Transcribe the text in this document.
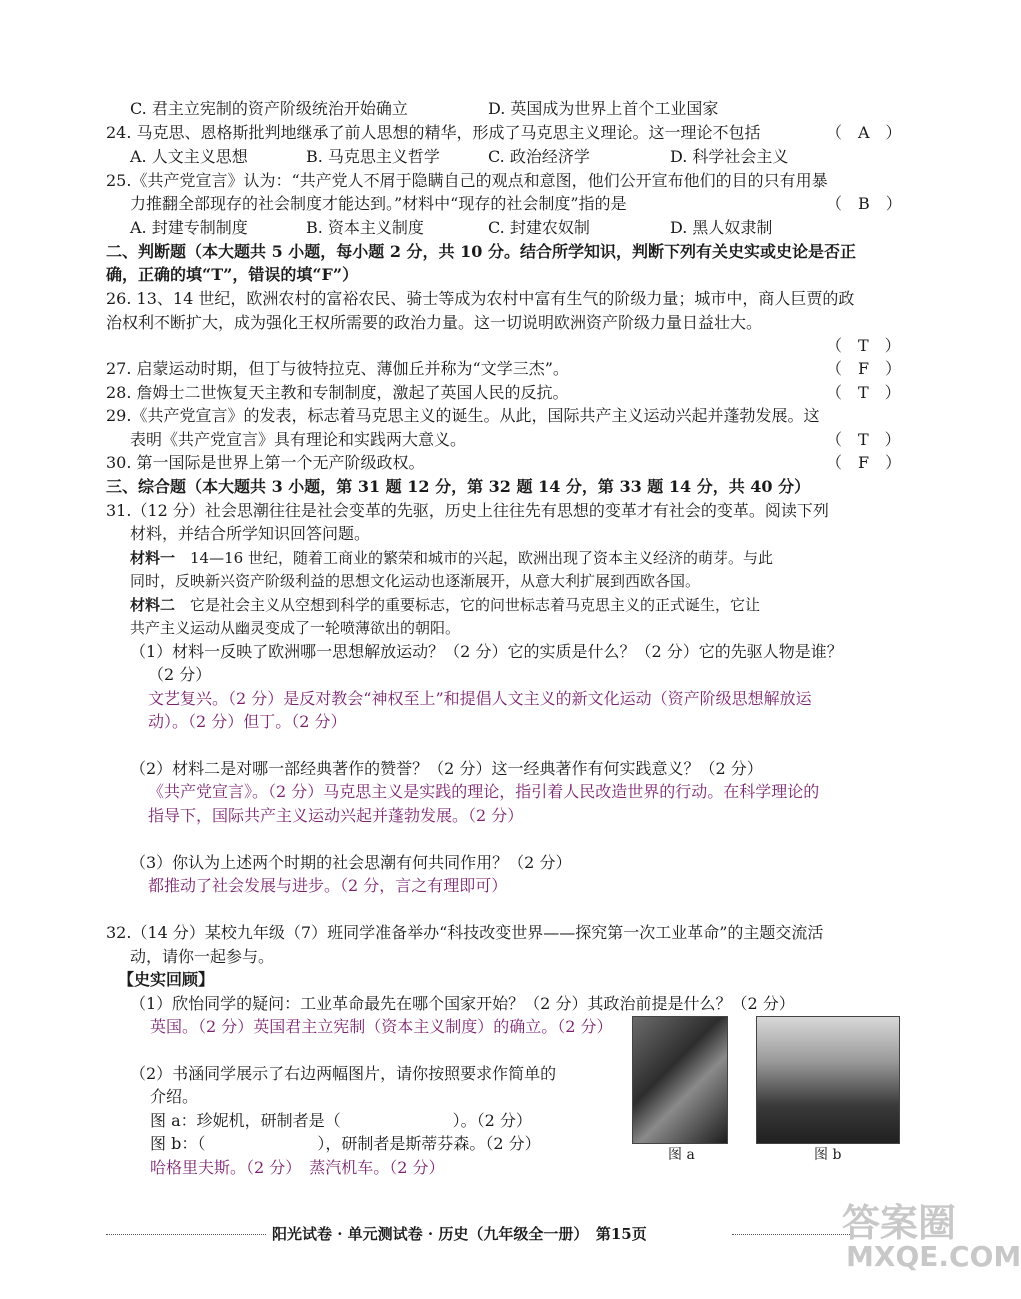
C. 君主立宪制的资产阶级统治开始确立	D. 英国成为世界上首个工业国家
24. 马克思、恩格斯批判地继承了前人思想的精华，形成了马克思主义理论。这一理论不包括	（　A　）
A. 人文主义思想	B. 马克思主义哲学	C. 政治经济学	D. 科学社会主义
25.《共产党宣言》认为：“共产党人不屑于隐瞒自己的观点和意图，他们公开宣布他们的目的只有用暴
力推翻全部现存的社会制度才能达到。”材料中“现存的社会制度”指的是	（　B　）
A. 封建专制制度	B. 资本主义制度	C. 封建农奴制	D. 黑人奴隶制
二、判断题（本大题共 5 小题，每小题 2 分，共 10 分。结合所学知识，判断下列有关史实或史论是否正
确，正确的填“T”，错误的填“F”）
26. 13、14 世纪，欧洲农村的富裕农民、骑士等成为农村中富有生气的阶级力量；城市中，商人巨贾的政
治权利不断扩大，成为强化王权所需要的政治力量。这一切说明欧洲资产阶级力量日益壮大。
（　T　）
27. 启蒙运动时期，但丁与彼特拉克、薄伽丘并称为“文学三杰”。	（　F　）
28. 詹姆士二世恢复天主教和专制制度，激起了英国人民的反抗。	（　T　）
29.《共产党宣言》的发表，标志着马克思主义的诞生。从此，国际共产主义运动兴起并蓬勃发展。这
表明《共产党宣言》具有理论和实践两大意义。	（　T　）
30. 第一国际是世界上第一个无产阶级政权。	（　F　）
三、综合题（本大题共 3 小题，第 31 题 12 分，第 32 题 14 分，第 33 题 14 分，共 40 分）
31.（12 分）社会思潮往往是社会变革的先驱，历史上往往先有思想的变革才有社会的变革。阅读下列
材料，并结合所学知识回答问题。
材料一　14—16 世纪，随着工商业的繁荣和城市的兴起，欧洲出现了资本主义经济的萌芽。与此
同时，反映新兴资产阶级利益的思想文化运动也逐渐展开，从意大利扩展到西欧各国。
材料二　它是社会主义从空想到科学的重要标志，它的问世标志着马克思主义的正式诞生，它让
共产主义运动从幽灵变成了一轮喷薄欲出的朝阳。
（1）材料一反映了欧洲哪一思想解放运动？（2 分）它的实质是什么？（2 分）它的先驱人物是谁？
（2 分）
文艺复兴。（2 分）是反对教会“神权至上”和提倡人文主义的新文化运动（资产阶级思想解放运
动）。（2 分）但丁。（2 分）
（2）材料二是对哪一部经典著作的赞誉？（2 分）这一经典著作有何实践意义？（2 分）
《共产党宣言》。（2 分）马克思主义是实践的理论，指引着人民改造世界的行动。在科学理论的
指导下，国际共产主义运动兴起并蓬勃发展。（2 分）
（3）你认为上述两个时期的社会思潮有何共同作用？（2 分）
都推动了社会发展与进步。（2 分，言之有理即可）
32.（14 分）某校九年级（7）班同学准备举办“科技改变世界——探究第一次工业革命”的主题交流活
动，请你一起参与。
【史实回顾】
（1）欣怡同学的疑问：工业革命最先在哪个国家开始？（2 分）其政治前提是什么？（2 分）
英国。（2 分）英国君主立宪制（资本主义制度）的确立。（2 分）
（2）书涵同学展示了右边两幅图片，请你按照要求作简单的
介绍。
图 a：珍妮机，研制者是（　　　　　　　）。（2 分）
图 b：（　　　　　　　），研制者是斯蒂芬森。（2 分）
哈格里夫斯。（2 分）　蒸汽机车。（2 分）
图 a	图 b
阳光试卷 · 单元测试卷 · 历史（九年级全一册）　第15页	答案圈
MXQE.COM
